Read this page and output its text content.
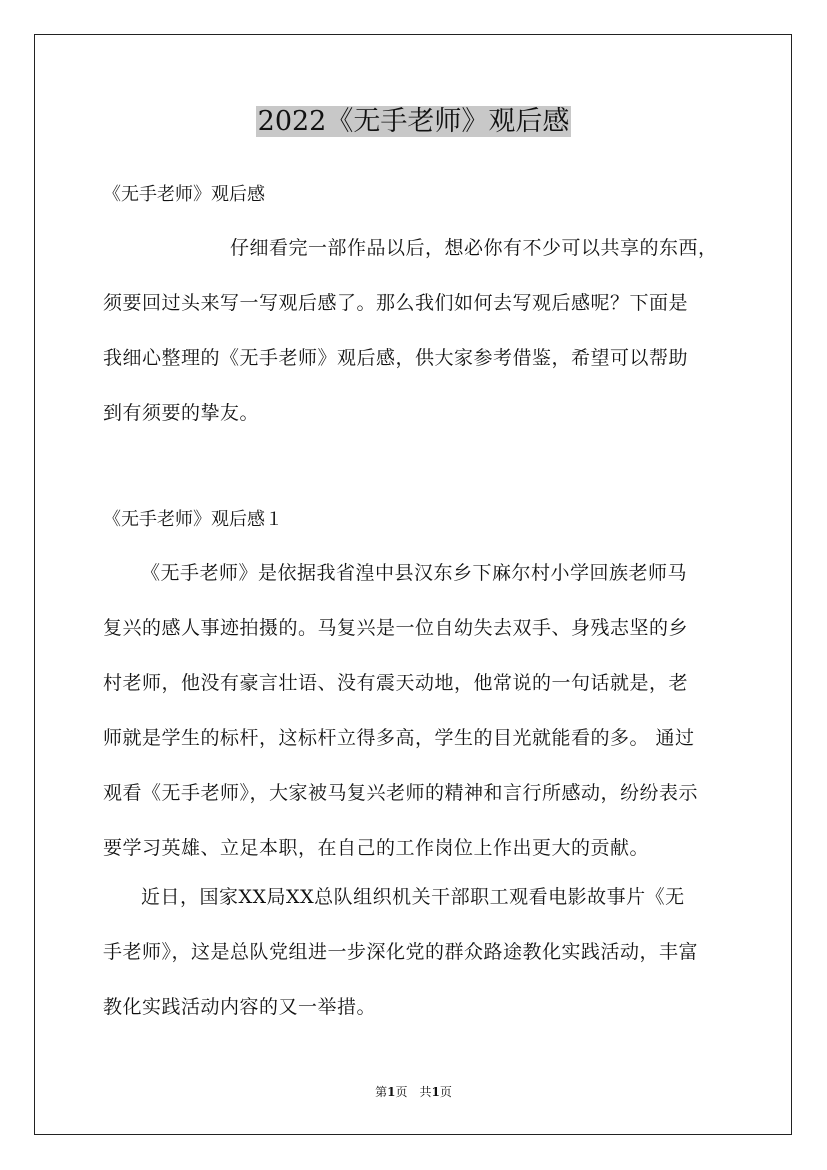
2022《无手老师》观后感
《无手老师》观后感
仔细看完一部作品以后，想必你有不少可以共享的东西，
须要回过头来写一写观后感了。那么我们如何去写观后感呢？下面是
我细心整理的《无手老师》观后感，供大家参考借鉴，希望可以帮助
到有须要的挚友。
《无手老师》观后感１
《无手老师》是依据我省湟中县汉东乡下麻尔村小学回族老师马
复兴的感人事迹拍摄的。马复兴是一位自幼失去双手、身残志坚的乡
村老师，他没有豪言壮语、没有震天动地，他常说的一句话就是，老
师就是学生的标杆，这标杆立得多高，学生的目光就能看的多。 通过
观看《无手老师》，大家被马复兴老师的精神和言行所感动，纷纷表示
要学习英雄、立足本职，在自己的工作岗位上作出更大的贡献。
近日，国家XX局XX总队组织机关干部职工观看电影故事片《无
手老师》，这是总队党组进一步深化党的群众路途教化实践活动，丰富
教化实践活动内容的又一举措。
第1页　共1页
